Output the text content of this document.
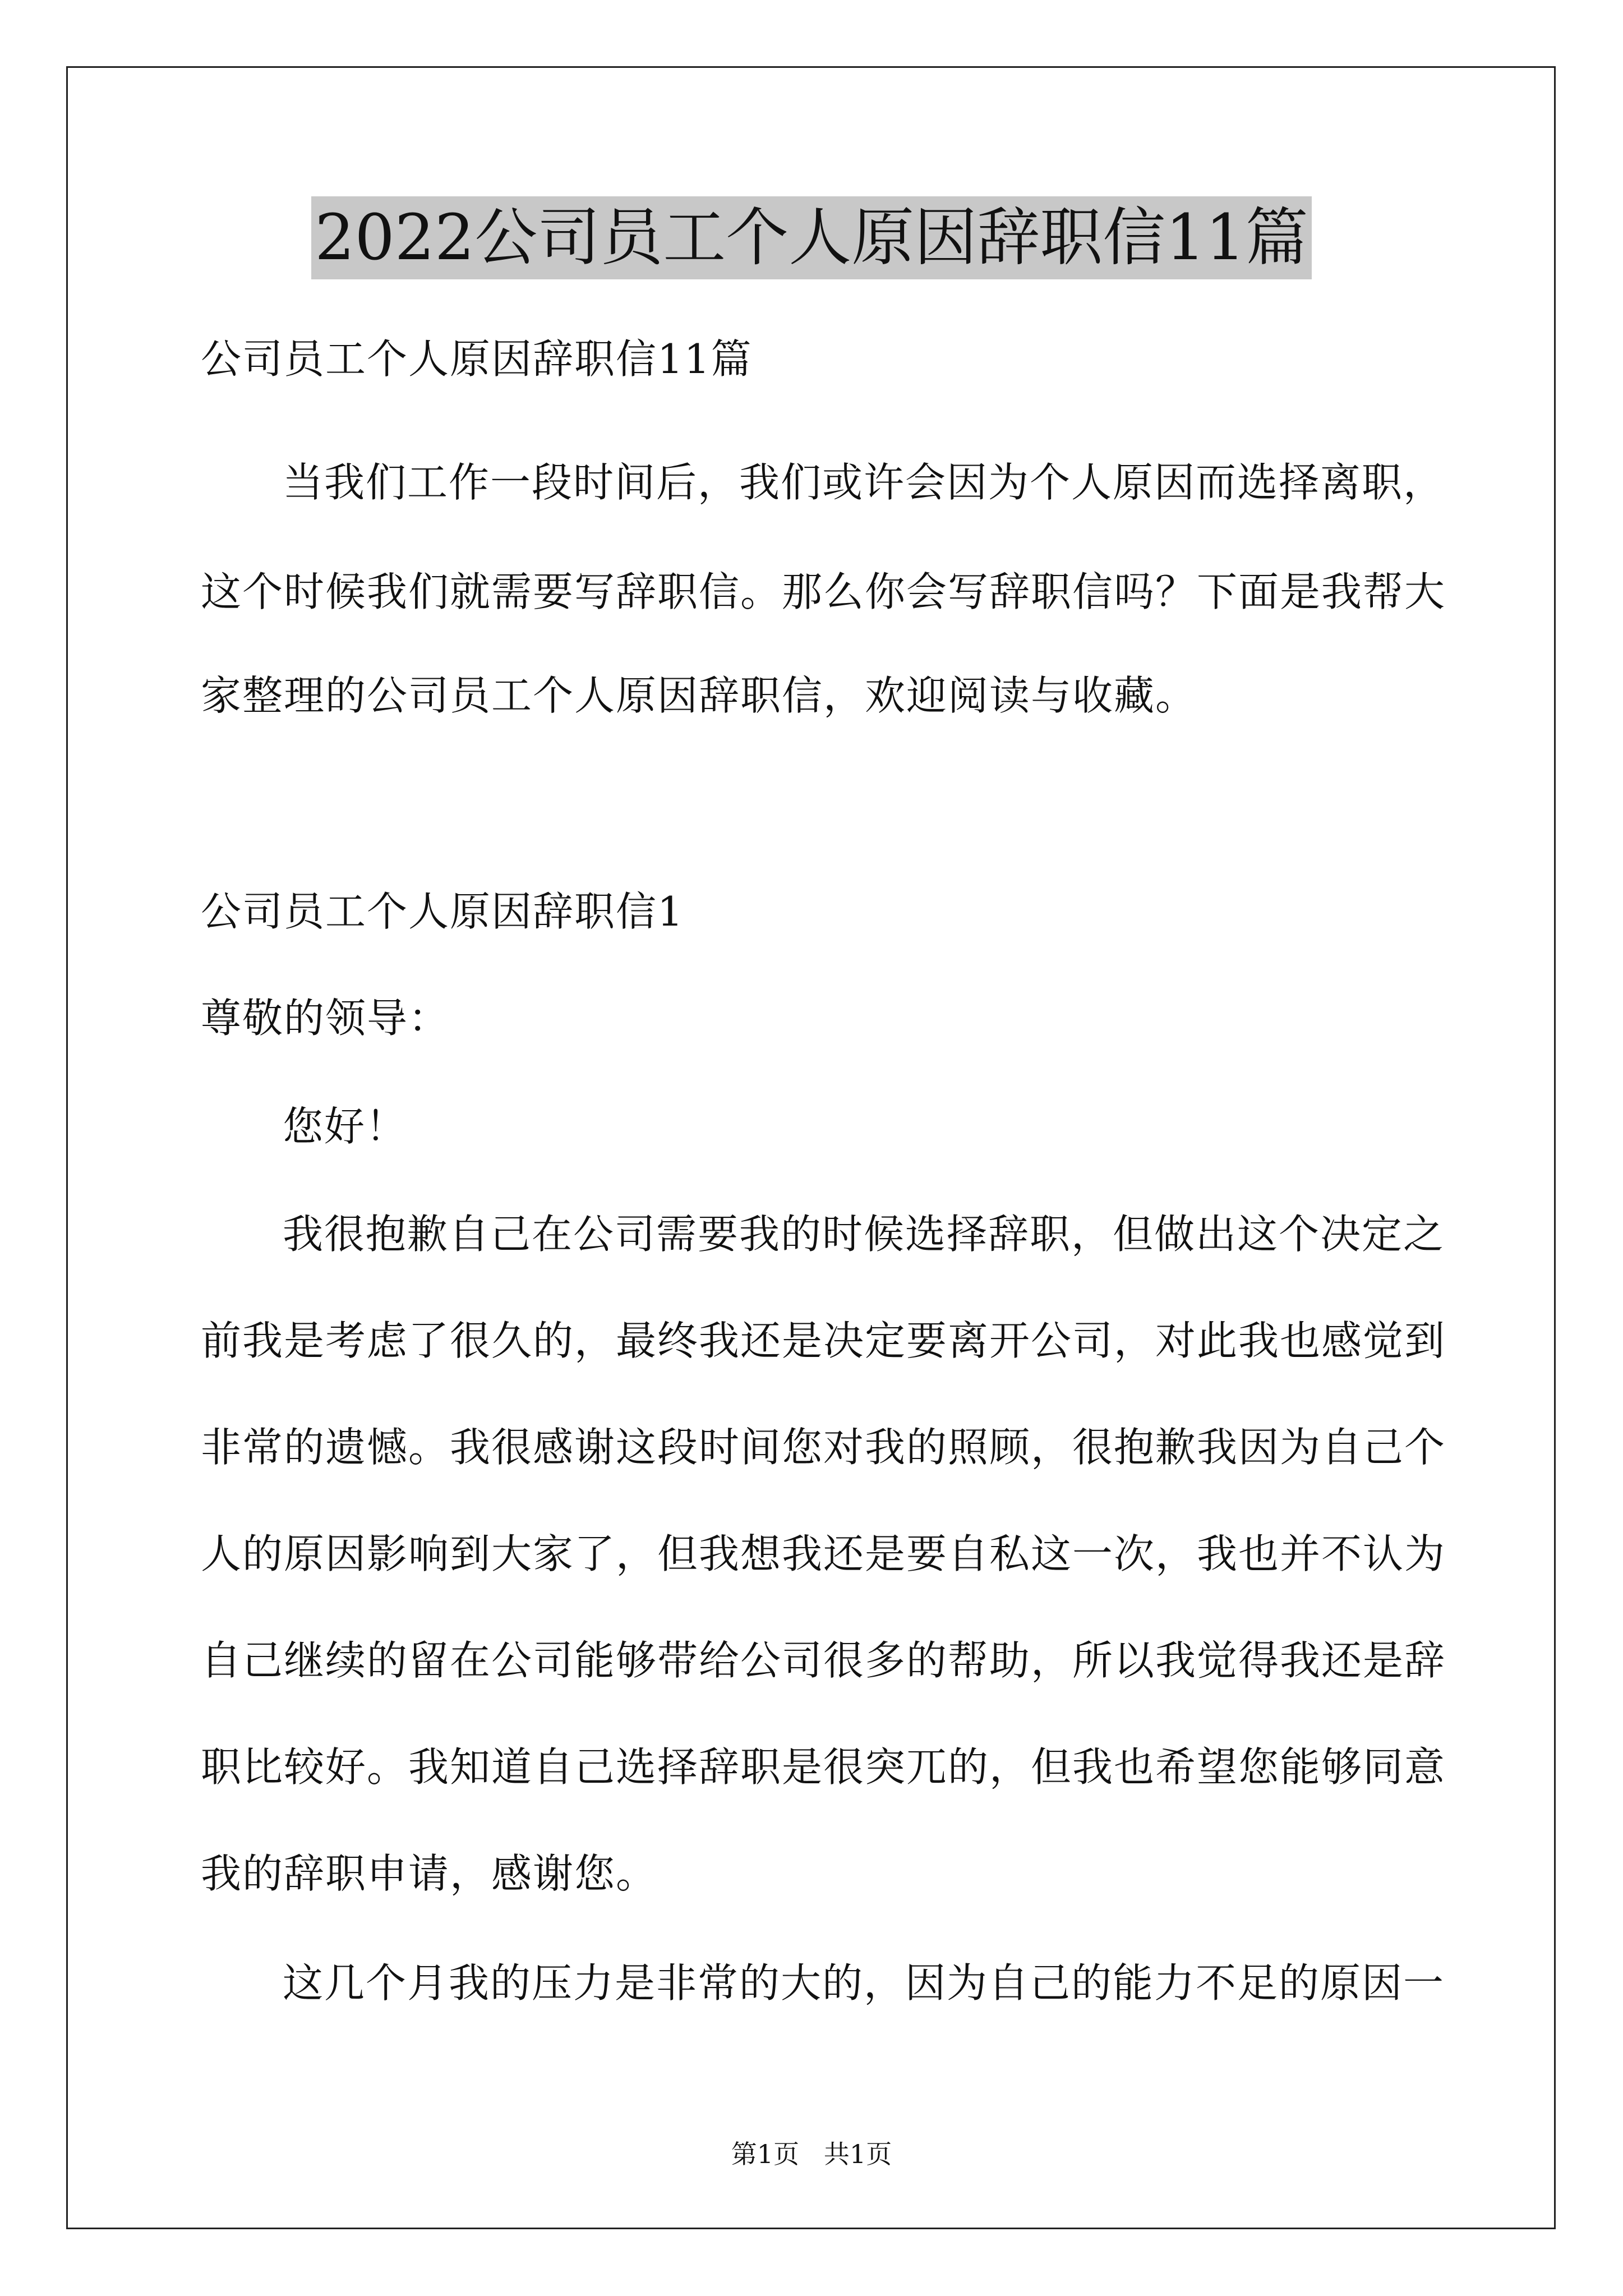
2022公司员工个人原因辞职信11篇
公司员工个人原因辞职信11篇
当我们工作一段时间后，我们或许会因为个人原因而选择离职，
这个时候我们就需要写辞职信。那么你会写辞职信吗？下面是我帮大
家整理的公司员工个人原因辞职信，欢迎阅读与收藏。
公司员工个人原因辞职信1
尊敬的领导：
您好！
我很抱歉自己在公司需要我的时候选择辞职，但做出这个决定之
前我是考虑了很久的，最终我还是决定要离开公司，对此我也感觉到
非常的遗憾。我很感谢这段时间您对我的照顾，很抱歉我因为自己个
人的原因影响到大家了，但我想我还是要自私这一次，我也并不认为
自己继续的留在公司能够带给公司很多的帮助，所以我觉得我还是辞
职比较好。我知道自己选择辞职是很突兀的，但我也希望您能够同意
我的辞职申请，感谢您。
这几个月我的压力是非常的大的，因为自己的能力不足的原因一
第1页   共1页
